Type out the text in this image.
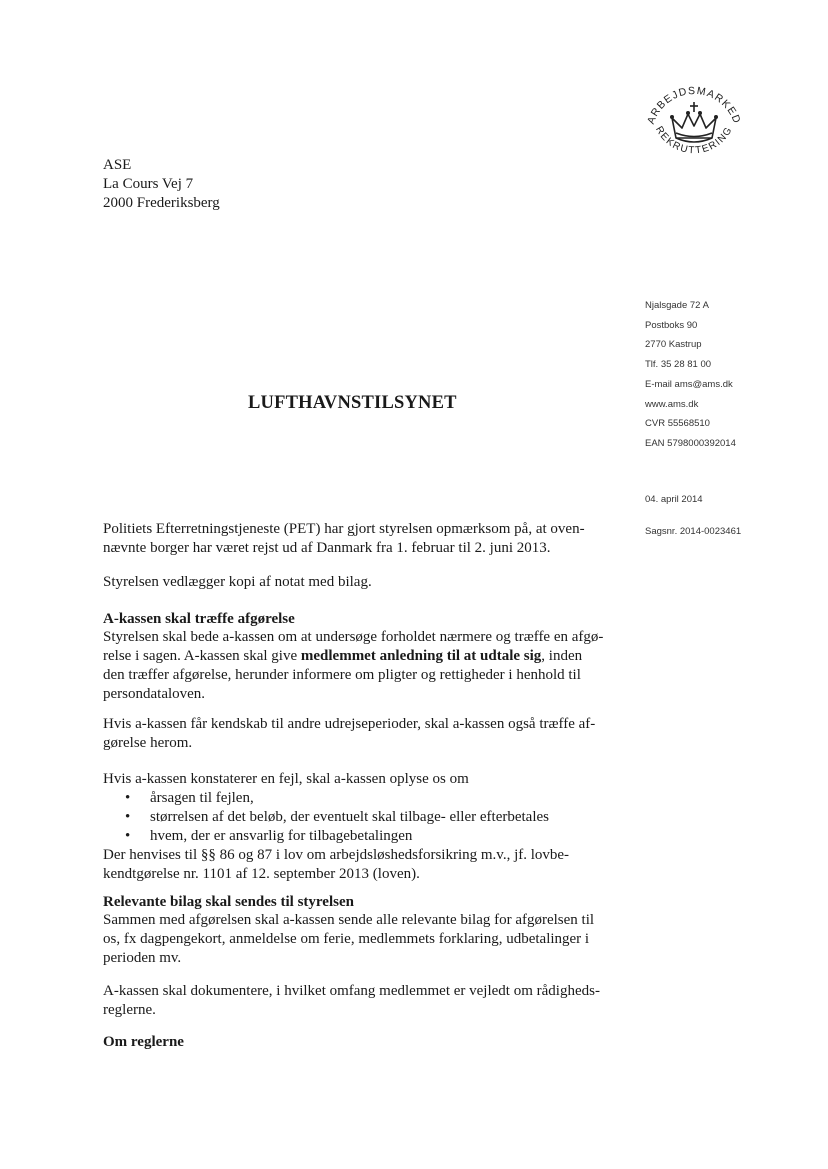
ARBEJDSMARKED
REKRUTTERING
ASE
La Cours Vej 7
2000 Frederiksberg
Njalsgade 72 A
Postboks 90
2770 Kastrup
Tlf. 35 28 81 00
E-mail ams@ams.dk
www.ams.dk
CVR 55568510
EAN 5798000392014
LUFTHAVNSTILSYNET
04. april 2014
Sagsnr. 2014-0023461
Politiets Efterretningstjeneste (PET) har gjort styrelsen opmærksom på, at oven-
nævnte borger har været rejst ud af Danmark fra 1. februar til 2. juni 2013.
Styrelsen vedlægger kopi af notat med bilag.
A-kassen skal træffe afgørelse
Styrelsen skal bede a-kassen om at undersøge forholdet nærmere og træffe en afgø-
relse i sagen. A-kassen skal give medlemmet anledning til at udtale sig, inden
den træffer afgørelse, herunder informere om pligter og rettigheder i henhold til
persondataloven.
Hvis a-kassen får kendskab til andre udrejseperioder, skal a-kassen også træffe af-
gørelse herom.
Hvis a-kassen konstaterer en fejl, skal a-kassen oplyse os om
• årsagen til fejlen,
• størrelsen af det beløb, der eventuelt skal tilbage- eller efterbetales
• hvem, der er ansvarlig for tilbagebetalingen
Der henvises til §§ 86 og 87 i lov om arbejdsløshedsforsikring m.v., jf. lovbe-
kendtgørelse nr. 1101 af 12. september 2013 (loven).
Relevante bilag skal sendes til styrelsen
Sammen med afgørelsen skal a-kassen sende alle relevante bilag for afgørelsen til
os, fx dagpengekort, anmeldelse om ferie, medlemmets forklaring, udbetalinger i
perioden mv.
A-kassen skal dokumentere, i hvilket omfang medlemmet er vejledt om rådigheds-
reglerne.
Om reglerne
